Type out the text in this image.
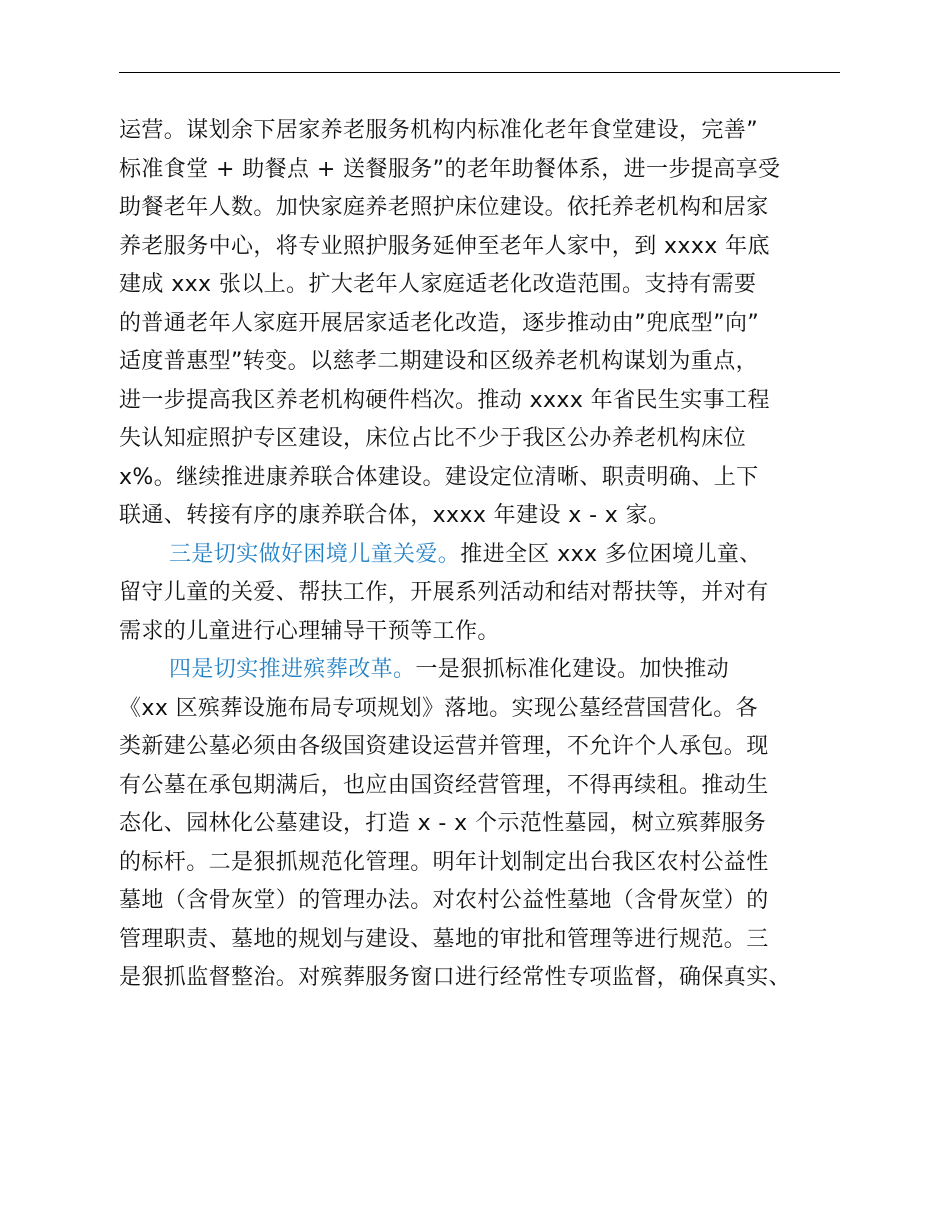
运营。谋划余下居家养老服务机构内标准化老年食堂建设，完善”
标准食堂 + 助餐点 + 送餐服务”的老年助餐体系，进一步提高享受
助餐老年人数。加快家庭养老照护床位建设。依托养老机构和居家
养老服务中心，将专业照护服务延伸至老年人家中，到 xxxx 年底
建成 xxx 张以上。扩大老年人家庭适老化改造范围。支持有需要
的普通老年人家庭开展居家适老化改造，逐步推动由”兜底型”向”
适度普惠型”转变。以慈孝二期建设和区级养老机构谋划为重点，
进一步提高我区养老机构硬件档次。推动 xxxx 年省民生实事工程
失认知症照护专区建设，床位占比不少于我区公办养老机构床位
x%。继续推进康养联合体建设。建设定位清晰、职责明确、上下
联通、转接有序的康养联合体，xxxx 年建设 x - x 家。
三是切实做好困境儿童关爱。推进全区 xxx 多位困境儿童、
留守儿童的关爱、帮扶工作，开展系列活动和结对帮扶等，并对有
需求的儿童进行心理辅导干预等工作。
四是切实推进殡葬改革。一是狠抓标准化建设。加快推动
《xx 区殡葬设施布局专项规划》落地。实现公墓经营国营化。各
类新建公墓必须由各级国资建设运营并管理，不允许个人承包。现
有公墓在承包期满后，也应由国资经营管理，不得再续租。推动生
态化、园林化公墓建设，打造 x - x 个示范性墓园，树立殡葬服务
的标杆。二是狠抓规范化管理。明年计划制定出台我区农村公益性
墓地（含骨灰堂）的管理办法。对农村公益性墓地（含骨灰堂）的
管理职责、墓地的规划与建设、墓地的审批和管理等进行规范。三
是狠抓监督整治。对殡葬服务窗口进行经常性专项监督，确保真实、
